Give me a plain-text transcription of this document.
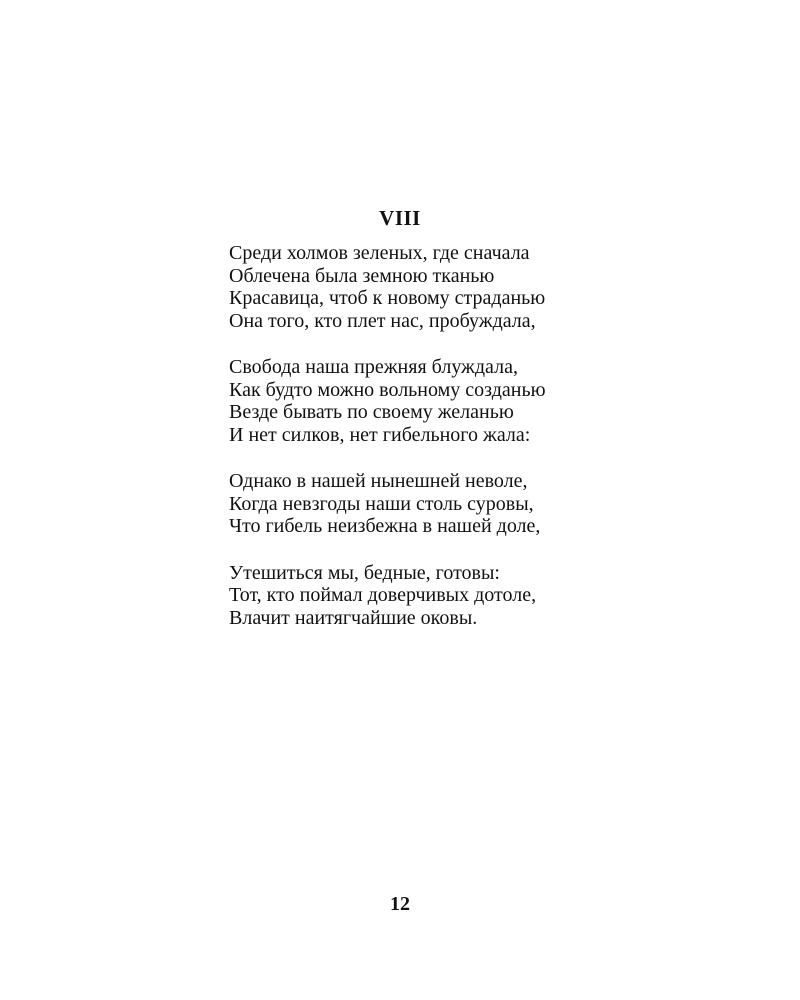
VIII
Среди холмов зеленых, где сначала
Облечена была земною тканью
Красавица, чтоб к новому страданью
Она того, кто плет нас, пробуждала,
Свобода наша прежняя блуждала,
Как будто можно вольному созданью
Везде бывать по своему желанью
И нет силков, нет гибельного жала:
Однако в нашей нынешней неволе,
Когда невзгоды наши столь суровы,
Что гибель неизбежна в нашей доле,
Утешиться мы, бедные, готовы:
Тот, кто поймал доверчивых дотоле,
Влачит наитягчайшие оковы.
12
